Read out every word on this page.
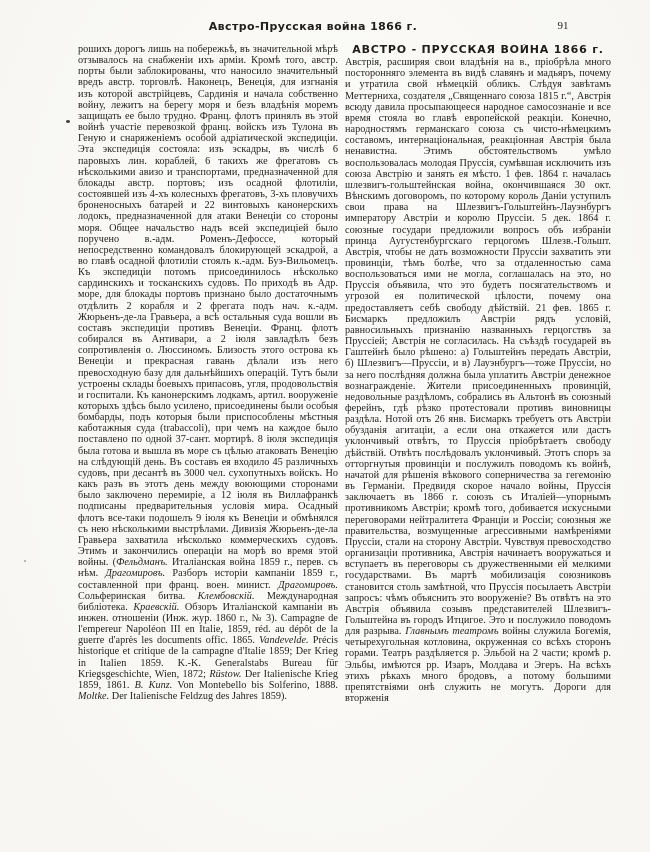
Австро-Прусская война 1866 г.	91
рошихъ дорогъ лишь на побережьѣ, въ значительной мѣрѣ отзывалось на снабженіи ихъ арміи. Кромѣ того, австр. порты были заблокированы, что наносило значительный вредъ австр. торговлѣ. Наконецъ, Венеція, для изгнанія изъ которой австрійцевъ, Сардинія и начала собственно войну, лежитъ на берегу моря и безъ владѣнія моремъ защищать ее было трудно. Франц. флотъ принялъ въ этой войнѣ участіе перевозкой франц. войскъ изъ Тулона въ Геную и снаряженіемъ особой адріатической экспедиціи. Эта экспедиція состояла: изъ эскадры, въ числѣ 6 паровыхъ лин. кораблей, 6 такихъ же фрегатовъ съ нѣсколькими авизо и транспортами, предназначенной для блокады австр. портовъ; изъ осадной флотиліи, состоявшей изъ 4-хъ колесныхъ фрегатовъ, 3-хъ пловучихъ броненосныхъ батарей и 22 винтовыхъ канонерскихъ лодокъ, предназначенной для атаки Венеціи со стороны моря. Общее начальство надъ всей экспедиціей было поручено в.-адм. Роменъ-Дефоссе, который непосредственно командовалъ блокирующей эскадрой, а во главѣ осадной флотиліи стоялъ к.-адм. Буэ-Вильомецъ. Къ экспедиціи потомъ присоединилось нѣсколько сардинскихъ и тосканскихъ судовъ. По приходѣ въ Адр. море, для блокады портовъ признано было достаточнымъ отдѣлить 2 корабля и 2 фрегата подъ нач. к.-адм. Жюрьенъ-де-ла Гравьера, а всѣ остальныя суда вошли въ составъ экспедиціи противъ Венеціи. Франц. флотъ собирался въ Антивари, а 2 іюля завладѣлъ безъ сопротивленія о. Люссиномъ. Близость этого острова къ Венеціи и прекрасная гавань дѣлали изъ него превосходную базу для дальнѣйшихъ операцій. Тутъ были устроены склады боевыхъ припасовъ, угля, продовольствія и госпитали. Къ канонерскимъ лодкамъ, артил. вооруженіе которыхъ здѣсь было усилено, присоединены были особыя бомбарды, подъ которыя были приспособлены мѣстныя каботажныя суда (trabaccoli), при чемъ на каждое было поставлено по одной 37-сант. мортирѣ. 8 іюля экспедиція была готова и вышла въ море съ цѣлью атаковать Венецію на слѣдующій день. Въ составъ ея входило 45 различныхъ судовъ, при десантѣ въ 3000 чел. сухопутныхъ войскъ. Но какъ разъ въ этотъ день между воюющими сторонами было заключено перемиріе, а 12 іюля въ Виллафранкѣ подписаны предварительныя условія мира. Осадный флотъ все-таки подошелъ 9 іюля къ Венеціи и обмѣнялся съ нею нѣсколькими выстрѣлами. Дивизія Жюрьенъ-де-ла Гравьера захватила нѣсколько коммерческихъ судовъ. Этимъ и закончились операціи на морѣ во время этой войны. (Фельдманъ. Италіанская война 1859 г., перев. съ нѣм. Драгомировъ. Разборъ исторіи кампаніи 1859 г., составленной при франц. воен. минист. Драгомировъ. Сольферинская битва. Клембовскій. Международная библіотека. Краевскій. Обзоръ Италіанской кампаніи въ инжен. отношеніи (Инж. жур. 1860 г., № 3). Campagne de l'empereur Napoléon III en Italie, 1859, réd. au dépôt de la guerre d'après les documents offic. 1865. Vandevelde. Précis historique et critique de la campagne d'Italie 1859; Der Krieg in Italien 1859. K.-K. Generalstabs Bureau für Kriegsgeschichte, Wien, 1872; Rüstow. Der Italienische Krieg 1859, 1861. B. Kunz. Von Montebello bis Solferino, 1888. Moltke. Der Italienische Feldzug des Jahres 1859).
АВСТРО - ПРУССКАЯ ВОЙНА 1866 г.
Австрія, расширяя свои владѣнія на в., пріобрѣла много посторонняго элемента въ видѣ славянъ и мадьяръ, почему и утратила свой нѣмецкій обликъ. Слѣдуя завѣтамъ Меттерниха, создателя „Священнаго союза 1815 г.“, Австрія всюду давила просыпающееся народное самосознаніе и все время стояла во главѣ европейской реакціи. Конечно, народностямъ германскаго союза съ чисто-нѣмецкимъ составомъ, интернаціональная, реакціонная Австрія была ненавистна. Этимъ обстоятельствомъ умѣло воспользовалась молодая Пруссія, сумѣвшая исключить изъ союза Австрію и занять ея мѣсто. 1 фев. 1864 г. началась шлезвигъ-гольштейнская война, окончившаяся 30 окт. Вѣнскимъ договоромъ, по которому король Даніи уступилъ свои права на Шлезвигъ-Гольштейнъ-Лауэнбургъ императору Австріи и королю Пруссіи. 5 дек. 1864 г. союзные государи предложили вопросъ объ избраніи принца Аугустенбургскаго герцогомъ Шлезв.-Гольшт. Австрія, чтобы не дать возможности Пруссіи захватить эти провинціи, тѣмъ болѣе, что за отдаленностью сама воспользоваться ими не могла, соглашалась на это, но Пруссія объявила, что это будетъ посягательствомъ и угрозой ея политической цѣлости, почему она предоставляетъ себѣ свободу дѣйствій. 21 фев. 1865 г. Бисмаркъ предложилъ Австріи рядъ условій, равносильныхъ признанію названныхъ герцогствъ за Пруссіей; Австрія не согласилась. На съѣздѣ государей въ Гаштейнѣ было рѣшено: а) Гольштейнъ передать Австріи, б) Шлезвигъ—Пруссіи, и в) Лауэнбургъ—тоже Пруссіи, но за него послѣдняя должна была уплатить Австріи денежное вознагражденіе. Жители присоединенныхъ провинцій, недовольные раздѣломъ, собрались въ Альтонѣ въ союзный ферейнъ, гдѣ рѣзко протестовали противъ виновницы раздѣла. Нотой отъ 26 янв. Бисмаркъ требуетъ отъ Австріи обузданія агитаціи, а если она откажется или дастъ уклончивый отвѣтъ, то Пруссія пріобрѣтаетъ свободу дѣйствій. Отвѣтъ послѣдовалъ уклончивый. Этотъ споръ за отторгнутыя провинціи и послужилъ поводомъ къ войнѣ, начатой для рѣшенія вѣкового соперничества за гегемонію въ Германіи. Предвидя скорое начало войны, Пруссія заключаетъ въ 1866 г. союзъ съ Италіей—упорнымъ противникомъ Австріи; кромѣ того, добивается искусными переговорами нейтралитета Франціи и Россіи; союзныя же правительства, возмущенные агрессивными намѣреніями Пруссіи, стали на сторону Австріи. Чувствуя превосходство организаціи противника, Австрія начинаетъ вооружаться и вступаетъ въ переговоры съ дружественными ей мелкими государствами. Въ мартѣ мобилизація союзниковъ становится столь замѣтной, что Пруссія посылаетъ Австріи запросъ: чѣмъ объяснить это вооруженіе? Въ отвѣтъ на это Австрія объявила созывъ представителей Шлезвигъ-Гольштейна въ городъ Итцигое. Это и послужило поводомъ для разрыва. Главнымъ театромъ войны служила Богемія, четырехугольная котловина, окруженная со всѣхъ сторонъ горами. Театръ раздѣляется р. Эльбой на 2 части; кромѣ р. Эльбы, имѣются рр. Изаръ, Молдава и Эгеръ. На всѣхъ этихъ рѣкахъ много бродовъ, а потому большими препятствіями онѣ служить не могутъ. Дороги для вторженія
